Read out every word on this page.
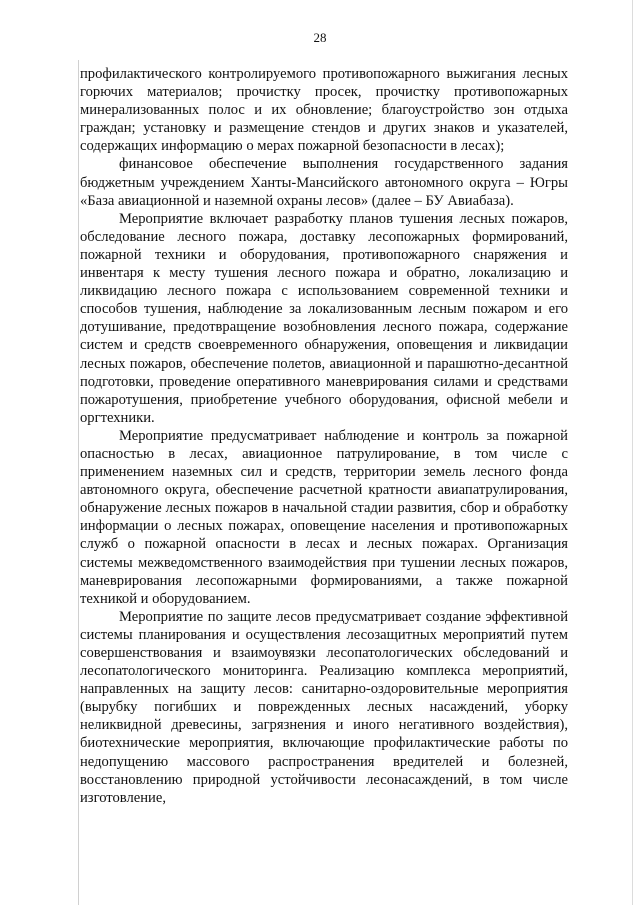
28

профилактического контролируемого противопожарного выжигания лесных горючих материалов; прочистку просек, прочистку противопожарных минерализованных полос и их обновление; благоустройство зон отдыха граждан; установку и размещение стендов и других знаков и указателей, содержащих информацию о мерах пожарной безопасности в лесах);

финансовое обеспечение выполнения государственного задания бюджетным учреждением Ханты-Мансийского автономного округа – Югры «База авиационной и наземной охраны лесов» (далее – БУ Авиабаза).

Мероприятие включает разработку планов тушения лесных пожаров, обследование лесного пожара, доставку лесопожарных формирований, пожарной техники и оборудования, противопожарного снаряжения и инвентаря к месту тушения лесного пожара и обратно, локализацию и ликвидацию лесного пожара с использованием современной техники и способов тушения, наблюдение за локализованным лесным пожаром и его дотушивание, предотвращение возобновления лесного пожара, содержание систем и средств своевременного обнаружения, оповещения и ликвидации лесных пожаров, обеспечение полетов, авиационной и парашютно-десантной подготовки, проведение оперативного маневрирования силами и средствами пожаротушения, приобретение учебного оборудования, офисной мебели и оргтехники.

Мероприятие предусматривает наблюдение и контроль за пожарной опасностью в лесах, авиационное патрулирование, в том числе с применением наземных сил и средств, территории земель лесного фонда автономного округа, обеспечение расчетной кратности авиапатрулирования, обнаружение лесных пожаров в начальной стадии развития, сбор и обработку информации о лесных пожарах, оповещение населения и противопожарных служб о пожарной опасности в лесах и лесных пожарах. Организация системы межведомственного взаимодействия при тушении лесных пожаров, маневрирования лесопожарными формированиями, а также пожарной техникой и оборудованием.

Мероприятие по защите лесов предусматривает создание эффективной системы планирования и осуществления лесозащитных мероприятий путем совершенствования и взаимоувязки лесопатологических обследований и лесопатологического мониторинга. Реализацию комплекса мероприятий, направленных на защиту лесов: санитарно-оздоровительные мероприятия (вырубку погибших и поврежденных лесных насаждений, уборку неликвидной древесины, загрязнения и иного негативного воздействия), биотехнические мероприятия, включающие профилактические работы по недопущению массового распространения вредителей и болезней, восстановлению природной устойчивости лесонасаждений, в том числе изготовление,
